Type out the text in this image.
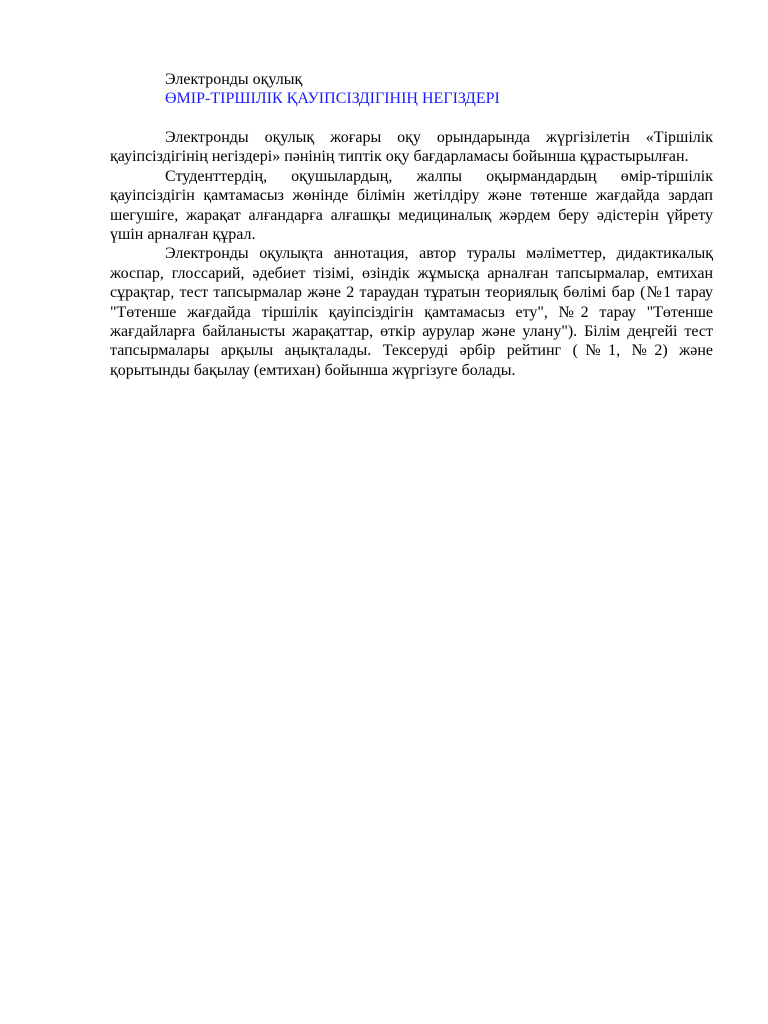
Электронды оқулық

ӨМІР-ТІРШІЛІК ҚАУІПСІЗДІГІНІҢ НЕГІЗДЕРІ

Электронды оқулық жоғары оқу орындарында жүргізілетін «Тіршілік қауіпсіздігінің негіздері» пәнінің типтік оқу бағдарламасы бойынша құрастырылған.

Студенттердің, оқушылардың, жалпы оқырмандардың өмір-тіршілік қауіпсіздігін қамтамасыз жөнінде білімін жетілдіру және төтенше жағдайда зардап шегушіге, жарақат алғандарға алғашқы медициналық жәрдем беру әдістерін үйрету үшін арналған құрал.

Электронды оқулықта аннотация, автор туралы мәліметтер, дидактикалық жоспар, глоссарий, әдебиет тізімі, өзіндік жұмысқа арналған тапсырмалар, емтихан сұрақтар, тест тапсырмалар және 2 тараудан тұратын теориялық бөлімі бар (№1 тарау "Төтенше жағдайда тіршілік қауіпсіздігін қамтамасыз ету", №2 тарау "Төтенше жағдайларға байланысты жарақаттар, өткір аурулар және улану"). Білім деңгейі тест тапсырмалары арқылы аңықталады. Тексеруді әрбір рейтинг (№1, №2) және қорытынды бақылау (емтихан) бойынша жүргізуге болады.
